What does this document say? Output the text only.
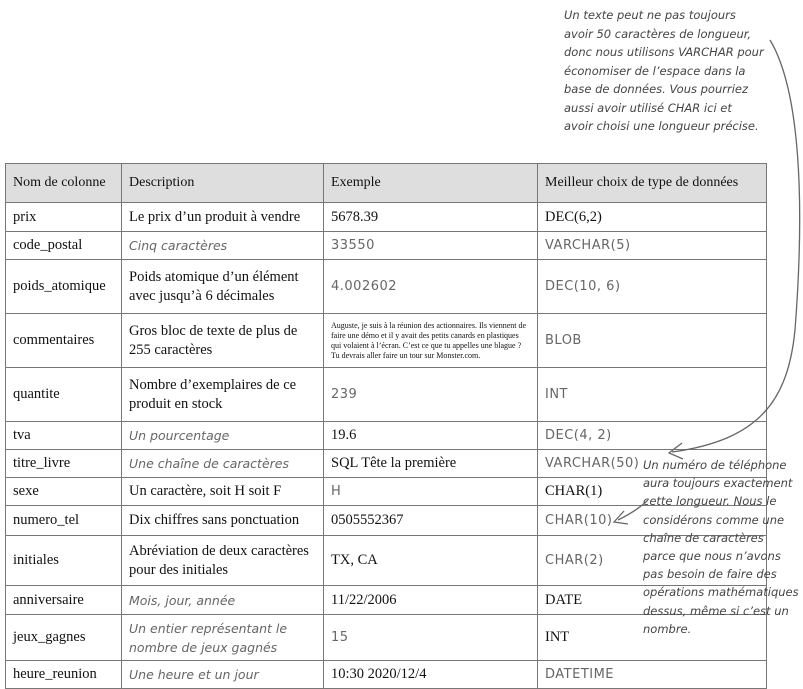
Un texte peut ne pas toujours avoir 50 caractères de longueur, donc nous utilisons VARCHAR pour économiser de l’espace dans la base de données. Vous pourriez aussi avoir utilisé CHAR ici et avoir choisi une longueur précise.
Nom de colonne	Description	Exemple	Meilleur choix de type de données
prix	Le prix d’un produit à vendre	5678.39	DEC(6,2)
code_postal	Cinq caractères	33550	VARCHAR(5)
poids_atomique	Poids atomique d’un élément avec jusqu’à 6 décimales	4.002602	DEC(10, 6)
commentaires	Gros bloc de texte de plus de 255 caractères	Auguste, je suis à la réunion des actionnaires. Ils viennent de faire une démo et il y avait des petits canards en plastiques qui volaient à l’écran. C’est ce que tu appelles une blague ? Tu devrais aller faire un tour sur Monster.com.	BLOB
quantite	Nombre d’exemplaires de ce produit en stock	239	INT
tva	Un pourcentage	19.6	DEC(4, 2)
titre_livre	Une chaîne de caractères	SQL Tête la première	VARCHAR(50)
sexe	Un caractère, soit H soit F	H	CHAR(1)
numero_tel	Dix chiffres sans ponctuation	0505552367	CHAR(10)
initiales	Abréviation de deux caractères pour des initiales	TX, CA	CHAR(2)
anniversaire	Mois, jour, année	11/22/2006	DATE
jeux_gagnes	Un entier représentant le nombre de jeux gagnés	15	INT
heure_reunion	Une heure et un jour	10:30 2020/12/4	DATETIME
Un numéro de téléphone aura toujours exactement cette longueur. Nous le considérons comme une chaîne de caractères parce que nous n’avons pas besoin de faire des opérations mathématiques dessus, même si c’est un nombre.
